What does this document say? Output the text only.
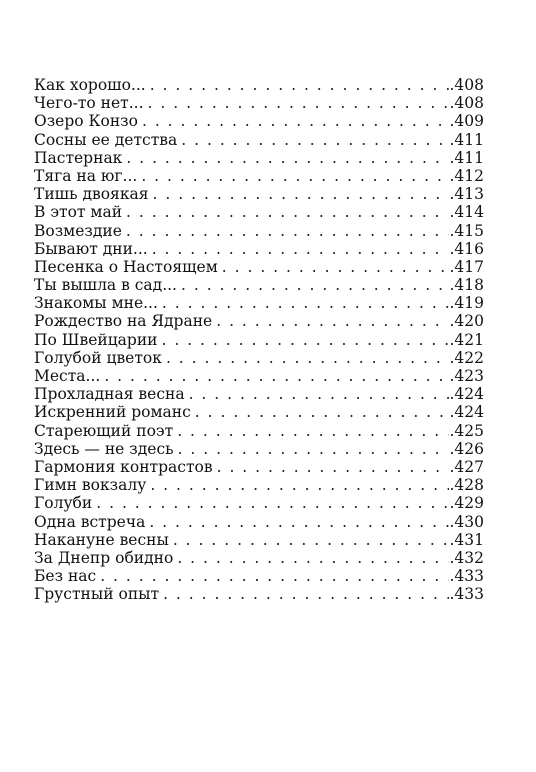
Как хорошо... . . .	.408
Чего-то нет... . . .	.408
Озеро Конзо . . .	.409
Сосны ее детства . . .	.411
Пастернак . . .	.411
Тяга на юг... . . .	.412
Тишь двоякая . . .	.413
В этот май . . .	.414
Возмездие . . .	.415
Бывают дни... . . .	.416
Песенка о Настоящем . . .	.417
Ты вышла в сад... . . .	.418
Знакомы мне... . . .	.419
Рождество на Ядране . . .	.420
По Швейцарии . . .	.421
Голубой цветок . . .	.422
Места... . . .	.423
Прохладная весна . . .	.424
Искренний романс . . .	.424
Стареющий поэт . . .	.425
Здесь — не здесь . . .	.426
Гармония контрастов . . .	.427
Гимн вокзалу . . .	.428
Голуби . . .	.429
Одна встреча . . .	.430
Накануне весны . . .	.431
За Днепр обидно . . .	.432
Без нас . . .	.433
Грустный опыт . . .	.433
